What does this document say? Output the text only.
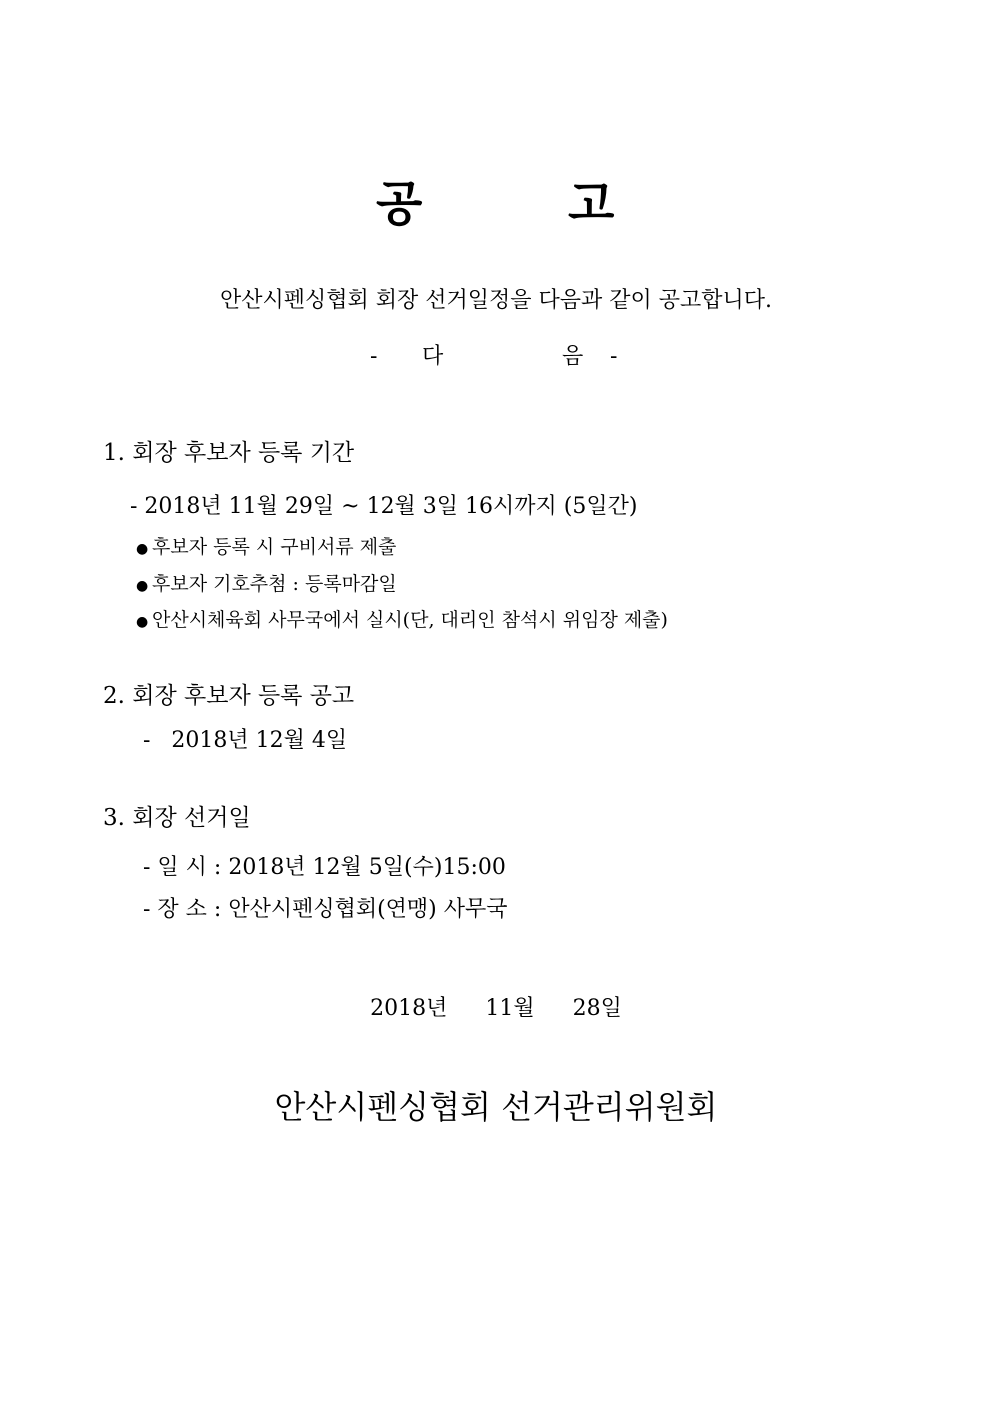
공	고
안산시펜싱협회 회장 선거일정을 다음과 같이 공고합니다.
- 다	음 -
1. 회장 후보자 등록 기간
- 2018년 11월 29일 ~ 12월 3일 16시까지 (5일간)
● 후보자 등록 시 구비서류 제출
● 후보자 기호추첨 : 등록마감일
● 안산시체육회 사무국에서 실시(단, 대리인 참석시 위임장 제출)
2. 회장 후보자 등록 공고
-   2018년 12월 4일
3. 회장 선거일
- 일 시 : 2018년 12월 5일(수)15:00
- 장 소 : 안산시펜싱협회(연맹) 사무국
2018년  11월  28일
안산시펜싱협회 선거관리위원회
